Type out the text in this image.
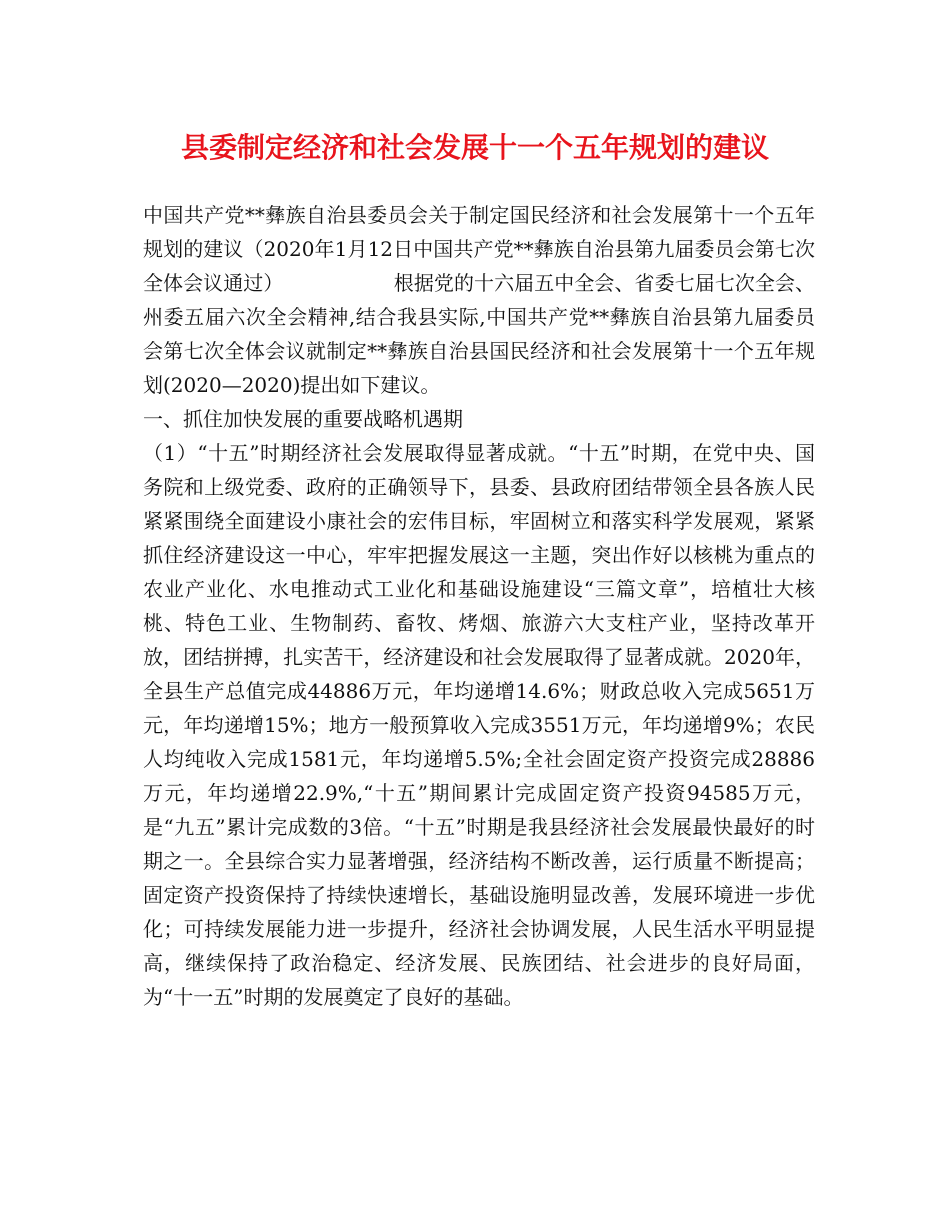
县委制定经济和社会发展十一个五年规划的建议

中国共产党**彝族自治县委员会关于制定国民经济和社会发展第十一个五年规划的建议（2020年1月12日中国共产党**彝族自治县第九届委员会第七次全体会议通过）　　　　　　根据党的十六届五中全会、省委七届七次全会、州委五届六次全会精神,结合我县实际,中国共产党**彝族自治县第九届委员会第七次全体会议就制定**彝族自治县国民经济和社会发展第十一个五年规划(2020—2020)提出如下建议。

一、抓住加快发展的重要战略机遇期

（1）“十五”时期经济社会发展取得显著成就。“十五”时期，在党中央、国务院和上级党委、政府的正确领导下，县委、县政府团结带领全县各族人民紧紧围绕全面建设小康社会的宏伟目标，牢固树立和落实科学发展观，紧紧抓住经济建设这一中心，牢牢把握发展这一主题，突出作好以核桃为重点的农业产业化、水电推动式工业化和基础设施建设“三篇文章”，培植壮大核桃、特色工业、生物制药、畜牧、烤烟、旅游六大支柱产业，坚持改革开放，团结拼搏，扎实苦干，经济建设和社会发展取得了显著成就。2020年，全县生产总值完成44886万元，年均递增14.6%；财政总收入完成5651万元，年均递增15%；地方一般预算收入完成3551万元，年均递增9%；农民人均纯收入完成1581元，年均递增5.5%;全社会固定资产投资完成28886万元，年均递增22.9%,“十五”期间累计完成固定资产投资94585万元，是“九五”累计完成数的3倍。“十五”时期是我县经济社会发展最快最好的时期之一。全县综合实力显著增强，经济结构不断改善，运行质量不断提高；固定资产投资保持了持续快速增长，基础设施明显改善，发展环境进一步优化；可持续发展能力进一步提升，经济社会协调发展，人民生活水平明显提高，继续保持了政治稳定、经济发展、民族团结、社会进步的良好局面，为“十一五”时期的发展奠定了良好的基础。
